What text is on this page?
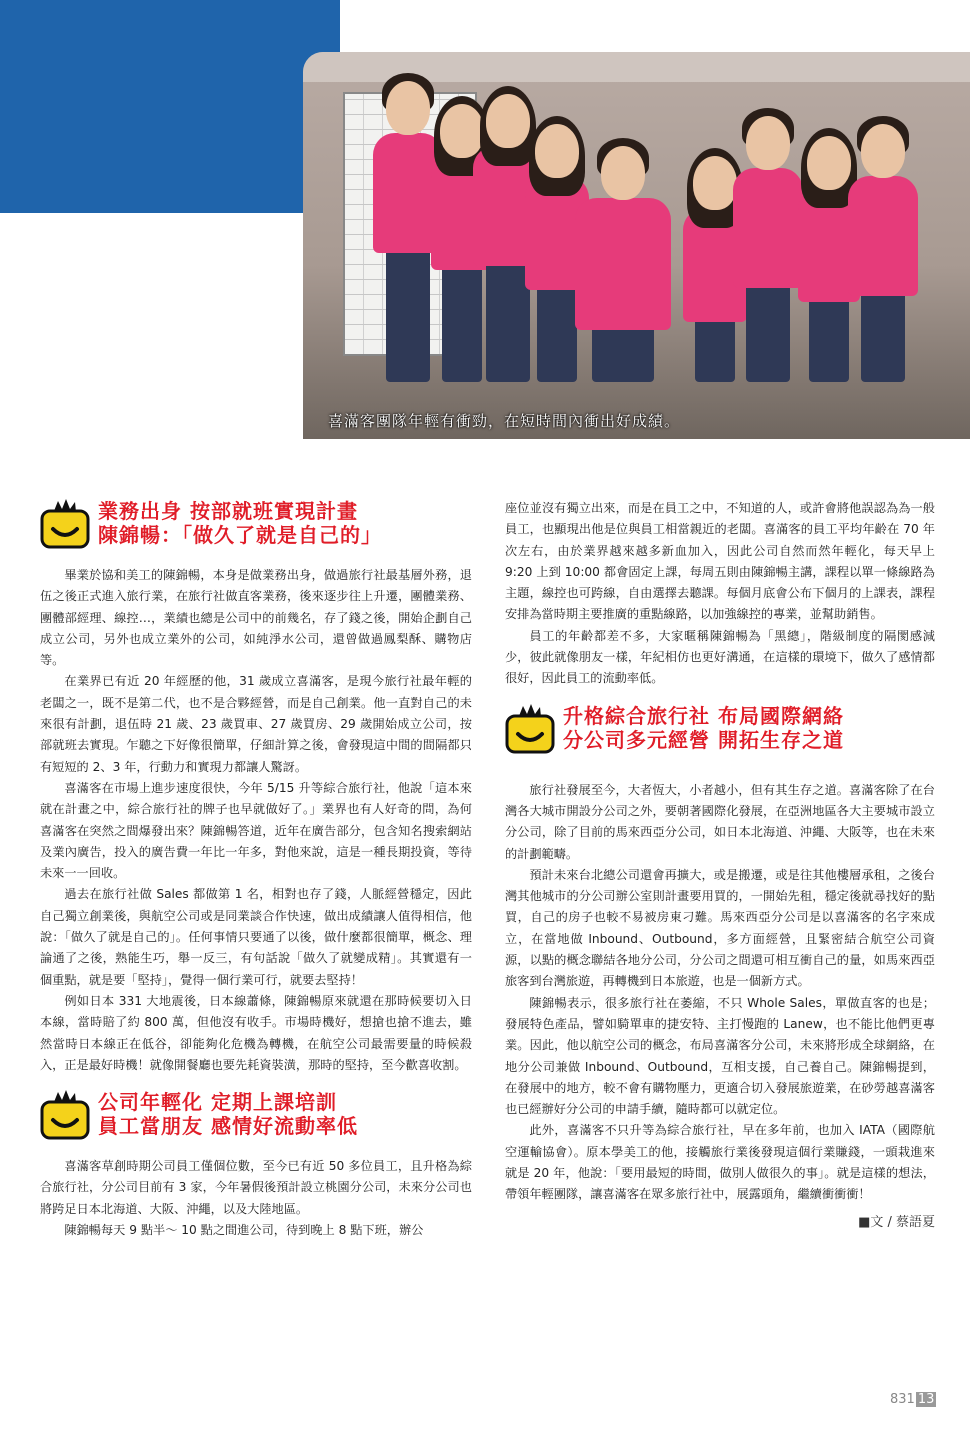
喜滿客團隊年輕有衝勁，在短時間內衝出好成績。
業務出身 按部就班實現計畫
陳錦暢：「做久了就是自己的」

畢業於協和美工的陳錦暢，本身是做業務出身，做過旅行社最基層外務，退伍之後正式進入旅行業，在旅行社做直客業務，後來逐步往上升遷，團體業務、團體部經理、線控…，業績也總是公司中的前幾名，存了錢之後，開始企劃自己成立公司，另外也成立業外的公司，如純淨水公司，還曾做過鳳梨酥、購物店等。

在業界已有近 20 年經歷的他，31 歲成立喜滿客，是現今旅行社最年輕的老闆之一，既不是第二代，也不是合夥經營，而是自己創業。他一直對自己的未來很有計劃，退伍時 21 歲、23 歲買車、27 歲買房、29 歲開始成立公司，按部就班去實現。乍聽之下好像很簡單，仔細計算之後，會發現這中間的間隔都只有短短的 2、3 年，行動力和實現力都讓人驚訝。

喜滿客在市場上進步速度很快，今年 5/15 升等綜合旅行社，他說「這本來就在計畫之中，綜合旅行社的牌子也早就做好了。」業界也有人好奇的問，為何喜滿客在突然之間爆發出來？陳錦暢答道，近年在廣告部分，包含知名搜索網站及業內廣告，投入的廣告費一年比一年多，對他來說，這是一種長期投資，等待未來一一回收。

過去在旅行社做 Sales 都做第 1 名，相對也存了錢，人脈經營穩定，因此自己獨立創業後，與航空公司或是同業談合作快速，做出成績讓人值得相信，他說：「做久了就是自己的」。任何事情只要通了以後，做什麼都很簡單，概念、理論通了之後，熟能生巧，舉一反三，有句話說「做久了就變成精」。其實還有一個重點，就是要「堅持」，覺得一個行業可行，就要去堅持！

例如日本 331 大地震後，日本線蕭條，陳錦暢原來就還在那時候要切入日本線，當時賠了約 800 萬，但他沒有收手。市場時機好，想搶也搶不進去，雖然當時日本線正在低谷，卻能夠化危機為轉機，在航空公司最需要量的時候殺入，正是最好時機！就像開餐廳也要先耗資裝潢，那時的堅持，至今歡喜收割。

公司年輕化 定期上課培訓
員工當朋友 感情好流動率低

喜滿客草創時期公司員工僅個位數，至今已有近 50 多位員工，且升格為綜合旅行社，分公司目前有 3 家，今年暑假後預計設立桃園分公司，未來分公司也將跨足日本北海道、大阪、沖繩，以及大陸地區。

陳錦暢每天 9 點半～ 10 點之間進公司，待到晚上 8 點下班，辦公

座位並沒有獨立出來，而是在員工之中，不知道的人，或許會將他誤認為為一般員工，也顯現出他是位與員工相當親近的老闆。喜滿客的員工平均年齡在 70 年次左右，由於業界越來越多新血加入，因此公司自然而然年輕化，每天早上 9:20 上到 10:00 都會固定上課，每周五則由陳錦暢主講，課程以單一條線路為主題，線控也可跨線，自由選擇去聽課。每個月底會公布下個月的上課表，課程安排為當時期主要推廣的重點線路，以加強線控的專業，並幫助銷售。

員工的年齡都差不多，大家暱稱陳錦暢為「黑總」，階級制度的隔閡感減少，彼此就像朋友一樣，年紀相仿也更好溝通，在這樣的環境下，做久了感情都很好，因此員工的流動率低。

升格綜合旅行社 布局國際網絡
分公司多元經營 開拓生存之道

旅行社發展至今，大者恆大，小者越小，但有其生存之道。喜滿客除了在台灣各大城市開設分公司之外，要朝著國際化發展，在亞洲地區各大主要城市設立分公司，除了目前的馬來西亞分公司，如日本北海道、沖繩、大阪等，也在未來的計劃範疇。

預計未來台北總公司還會再擴大，或是搬遷，或是往其他樓層承租，之後台灣其他城市的分公司辦公室則計畫要用買的，一開始先租，穩定後就尋找好的點買，自己的房子也較不易被房東刁難。馬來西亞分公司是以喜滿客的名字來成立，在當地做 Inbound、Outbound，多方面經營，且緊密結合航空公司資源，以點的概念聯結各地分公司，分公司之間還可相互衝自己的量，如馬來西亞旅客到台灣旅遊，再轉機到日本旅遊，也是一個新方式。

陳錦暢表示，很多旅行社在萎縮，不只 Whole Sales，單做直客的也是；發展特色產品，譬如騎單車的捷安特、主打慢跑的 Lanew，也不能比他們更專業。因此，他以航空公司的概念，布局喜滿客分公司，未來將形成全球網絡，在地分公司兼做 Inbound、Outbound，互相支援，自己養自己。陳錦暢提到，在發展中的地方，較不會有購物壓力，更適合切入發展旅遊業，在砂勞越喜滿客也已經辦好分公司的申請手續，隨時都可以就定位。

此外，喜滿客不只升等為綜合旅行社，早在多年前，也加入 IATA（國際航空運輸協會）。原本學美工的他，接觸旅行業後發現這個行業賺錢，一頭栽進來就是 20 年，他說：「要用最短的時間，做別人做很久的事」。就是這樣的想法，帶領年輕團隊，讓喜滿客在眾多旅行社中，展露頭角，繼續衝衝衝！

■文 / 蔡語夏
831 13
